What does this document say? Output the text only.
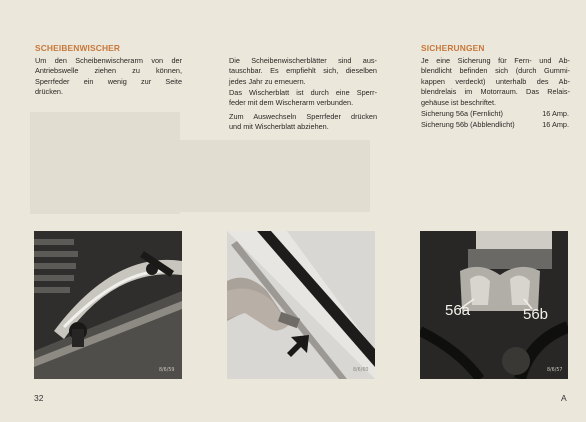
SCHEIBENWISCHER
Um den Scheibenwischerarm von der
Antriebswelle ziehen zu können,
Sperrfeder ein wenig zur Seite
drücken.
Die Scheibenwischerblätter sind aus-
tauschbar. Es empfiehlt sich, dieselben
jedes Jahr zu erneuern.
Das Wischerblatt ist durch eine Sperr-
feder mit dem Wischerarm verbunden.
Zum Auswechseln Sperrfeder drücken
und mit Wischerblatt abziehen.
SICHERUNGEN
Je eine Sicherung für Fern- und Ab-
blendlicht befinden sich (durch Gummi-
kappen verdeckt) unterhalb des Ab-
blendrelais im Motorraum. Das Relais-
gehäuse ist beschriftet.
Sicherung 56a (Fernlicht)	16 Amp.
Sicherung 56b (Abblendlicht)	16 Amp.
8/6/59	8/6/60
56a	56b
8/6/57
32	A
